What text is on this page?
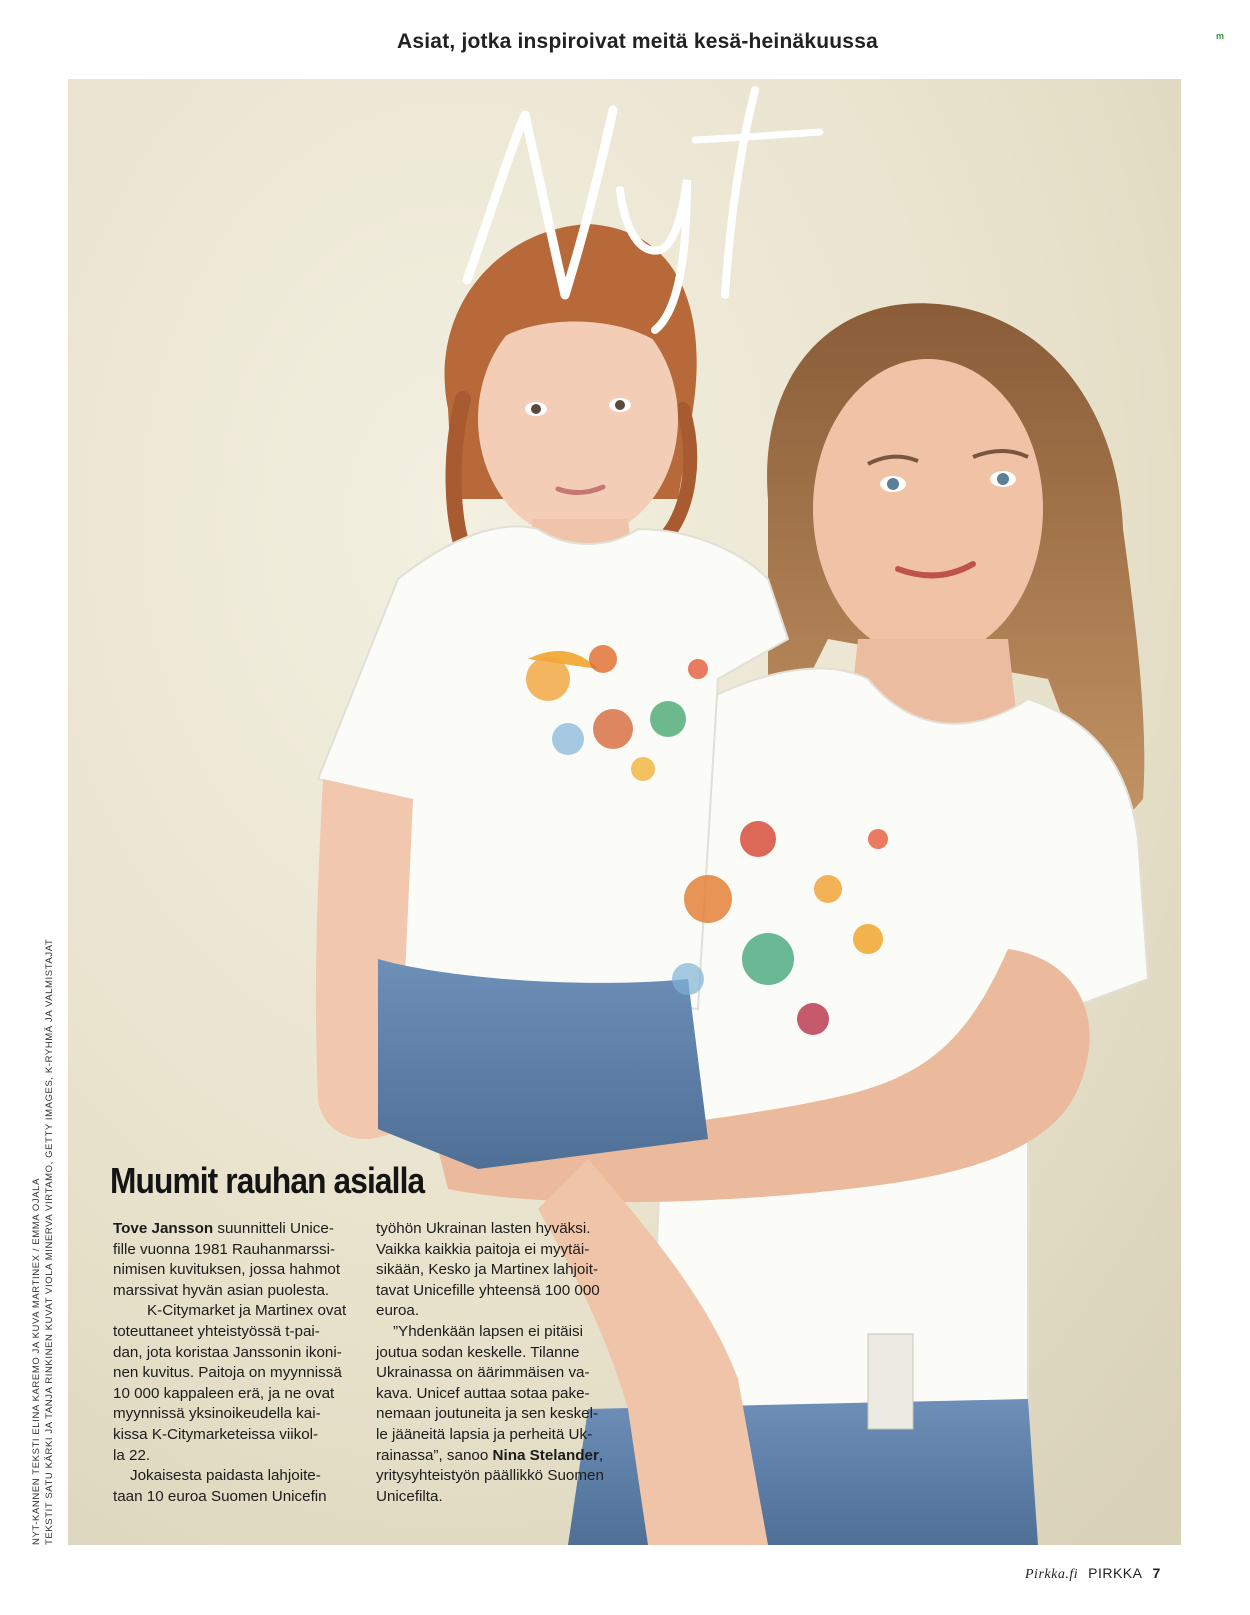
Asiat, jotka inspiroivat meitä kesä-heinäkuussa	m
Nyt
NYT-KANNEN TEKSTI ELINA KAREMO JA KUVA MARTINEX / EMMA OJALA TEKSTIT SATU KÄRKI JA TANJA RINKINEN KUVAT VIOLA MINERVA VIRTAMO, GETTY IMAGES, K-RYHMÄ JA VALMISTAJAT Muumit rauhan asialla

Tove Jansson suunnitteli Unice-
fille vuonna 1981 Rauhanmarssi-
nimisen kuvituksen, jossa hahmot
marssivat hyvän asian puolesta.

K-Citymarket ja Martinex ovat
toteuttaneet yhteistyössä t-pai-
dan, jota koristaa Janssonin ikoni-
nen kuvitus. Paitoja on myynnissä
10 000 kappaleen erä, ja ne ovat
myynnissä yksinoikeudella kai-
kissa K-Citymarketeissa viikol-
la 22.

Jokaisesta paidasta lahjoite-
taan 10 euroa Suomen Unicefin

työhön Ukrainan lasten hyväksi.
Vaikka kaikkia paitoja ei myytäi-
sikään, Kesko ja Martinex lahjoit-
tavat Unicefille yhteensä 100 000
euroa.

”Yhdenkään lapsen ei pitäisi
joutua sodan keskelle. Tilanne
Ukrainassa on äärimmäisen va-
kava. Unicef auttaa sotaa pake-
nemaan joutuneita ja sen keskel-
le jääneitä lapsia ja perheitä Uk-
rainassa”, sanoo Nina Stelander,
yritysyhteistyön päällikkö Suomen
Unicefilta.

Pirkka.fi PIRKKA 7
